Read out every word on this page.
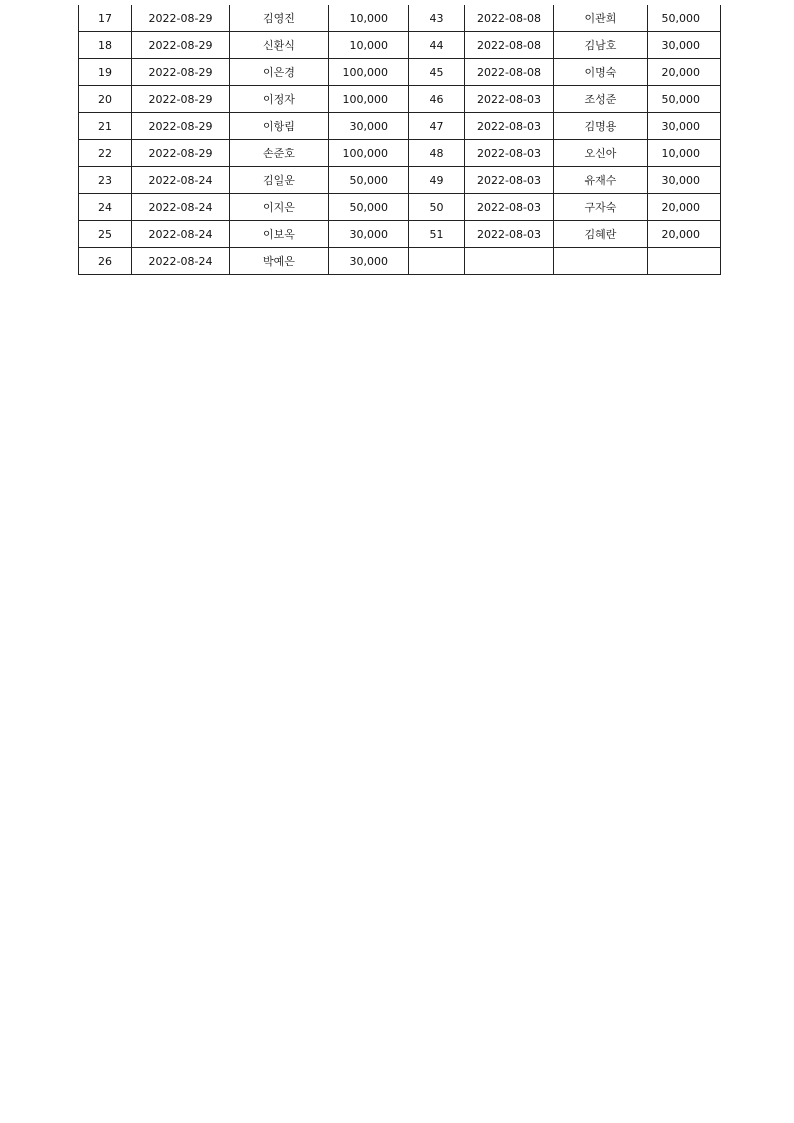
17	2022-08-29	김영진	10,000	43	2022-08-08	이관희	50,000
18	2022-08-29	신환식	10,000	44	2022-08-08	김남호	30,000
19	2022-08-29	이은경	100,000	45	2022-08-08	이명숙	20,000
20	2022-08-29	이정자	100,000	46	2022-08-03	조성준	50,000
21	2022-08-29	이항림	30,000	47	2022-08-03	김명용	30,000
22	2022-08-29	손준호	100,000	48	2022-08-03	오신아	10,000
23	2022-08-24	김일운	50,000	49	2022-08-03	유재수	30,000
24	2022-08-24	이지은	50,000	50	2022-08-03	구자숙	20,000
25	2022-08-24	이보옥	30,000	51	2022-08-03	김혜란	20,000
26	2022-08-24	박예은	30,000				
